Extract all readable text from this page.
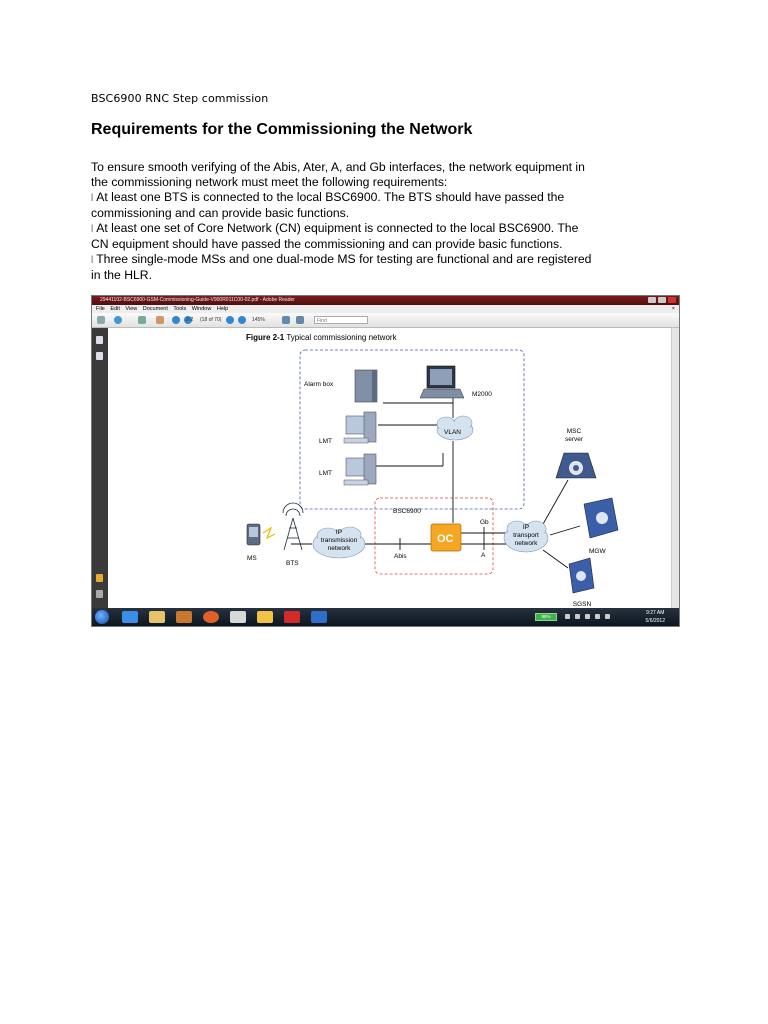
BSC6900 RNC Step commission
Requirements for the Commissioning the Network

To ensure smooth verifying of the Abis, Ater, A, and Gb interfaces, the network equipment in

the commissioning network must meet the following requirements:

l At least one BTS is connected to the local BSC6900. The BTS should have passed the

commissioning and can provide basic functions.

l At least one set of Core Network (CN) equipment is connected to the local BSC6900. The

CN equipment should have passed the commissioning and can provide basic functions.

l Three single-mode MSs and one dual-mode MS for testing are functional and are registered

in the HLR.

29441102-BSC6900-GSM-Commissioning-Guide-V900R011C00-02.pdf - Adobe Reader
File Edit View Document Tools Window Help	×
2-2 (18 of 70)	145%	Find
Figure 2-1 Typical commissioning network
Alarm box
M2000
LMT
LMT
VLAN	MSC
server
OC
BSC6900
Gb
Abis	A
IP
transmission
network
IP
transport
network
MGW
SGSN
MS
BTS
98%
9:27 AM
5/6/2012
